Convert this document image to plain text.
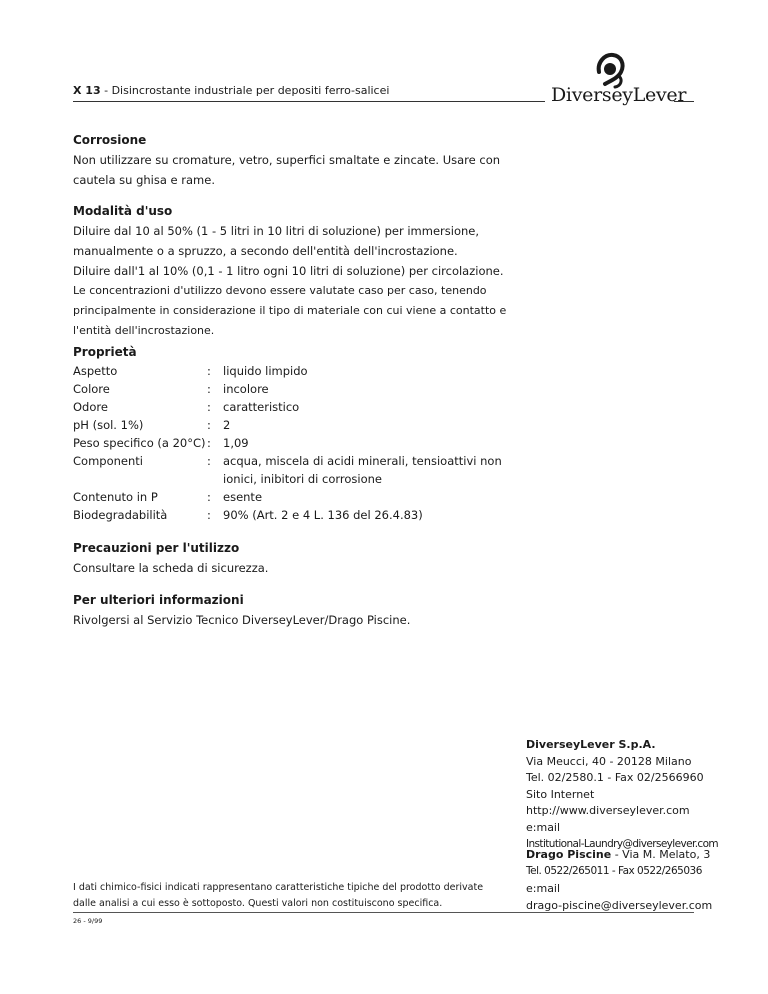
X 13 - Disincrostante industriale per depositi ferro-salicei	DiverseyLever
Corrosione

Non utilizzare su cromature, vetro, superfici smaltate e zincate. Usare con
cautela su ghisa e rame.

Modalità d'uso

Diluire dal 10 al 50% (1 - 5 litri in 10 litri di soluzione) per immersione,
manualmente o a spruzzo, a secondo dell'entità dell'incrostazione.
Diluire dall'1 al 10% (0,1 - 1 litro ogni 10 litri di soluzione) per circolazione.
Le concentrazioni d'utilizzo devono essere valutate caso per caso, tenendo
principalmente in considerazione il tipo di materiale con cui viene a contatto e
l'entità dell'incrostazione.

Proprietà
Aspetto	:	liquido limpido
Colore	:	incolore
Odore	:	caratteristico
pH (sol. 1%)	:	2
Peso specifico (a 20°C) :	1,09
Componenti	:	acqua, miscela di acidi minerali, tensioattivi non
ionici, inibitori di corrosione
Contenuto in P	:	esente
Biodegradabilità	:	90% (Art. 2 e 4 L. 136 del 26.4.83)
Precauzioni per l'utilizzo

Consultare la scheda di sicurezza.

Per ulteriori informazioni

Rivolgersi al Servizio Tecnico DiverseyLever/Drago Piscine.

DiverseyLever S.p.A.
Via Meucci, 40 - 20128 Milano
Tel. 02/2580.1 - Fax 02/2566960
Sito Internet
http://www.diverseylever.com
e:mail
Institutional-Laundry@diverseylever.com
Drago Piscine - Via M. Melato, 3
Tel. 0522/265011 - Fax 0522/265036
e:mail
drago-piscine@diverseylever.com
I dati chimico-fisici indicati rappresentano caratteristiche tipiche del prodotto derivate
dalle analisi a cui esso è sottoposto. Questi valori non costituiscono specifica.
26 - 9/99
